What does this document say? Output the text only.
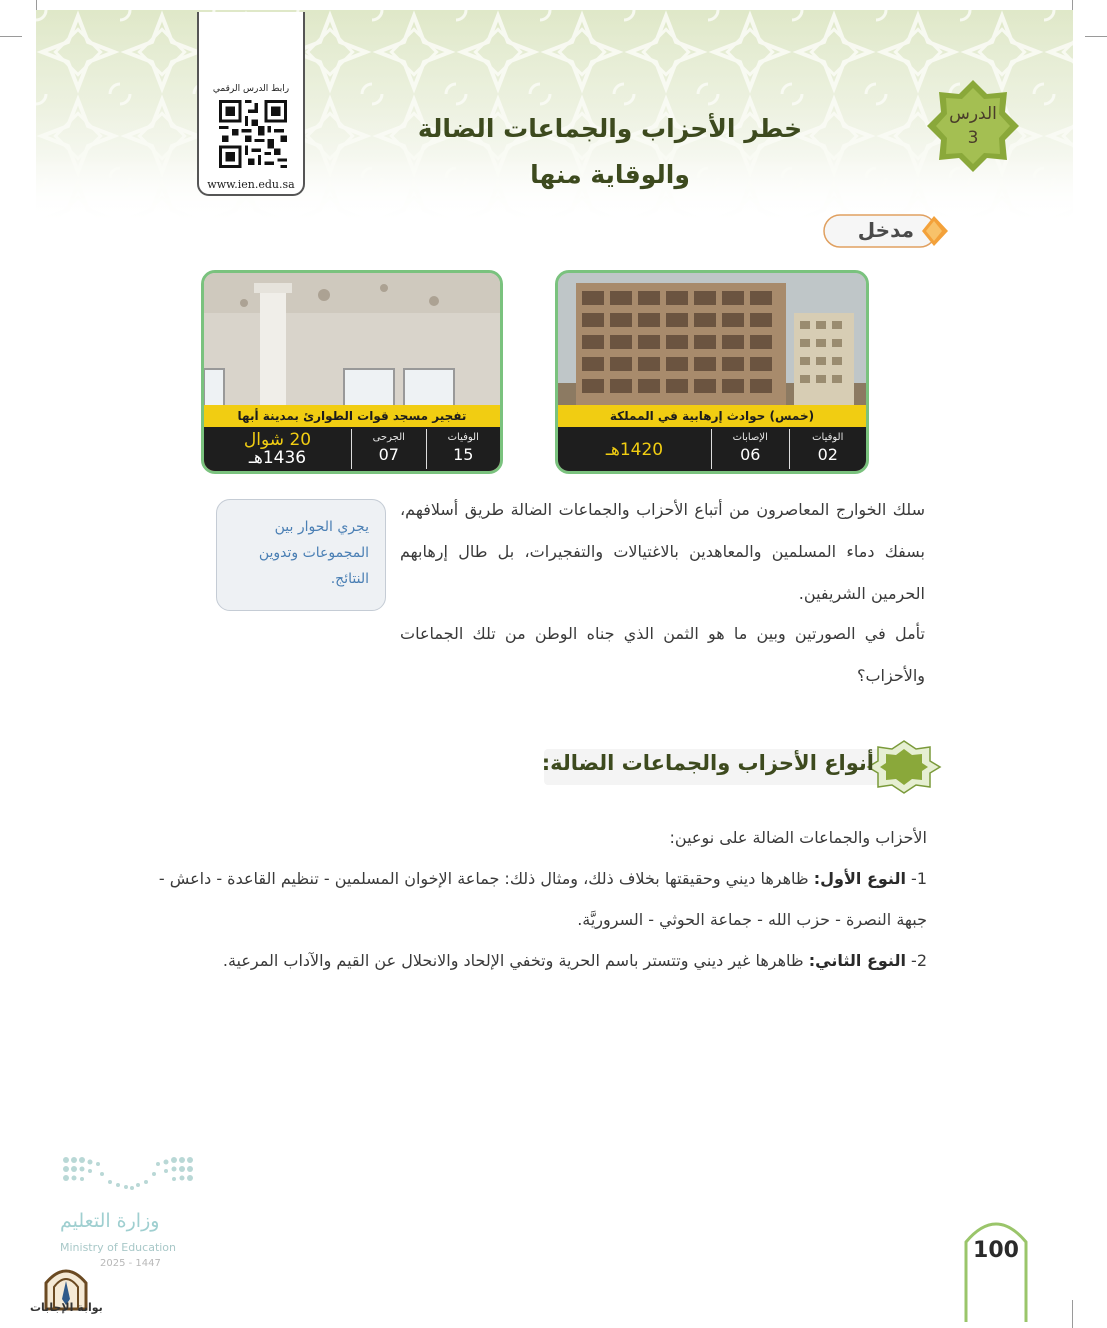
رابط الدرس الرقمي
www.ien.edu.sa
الدرس
3
خطر الأحزاب والجماعات الضالة
والوقاية منها
مدخل
(خمس) حوادث إرهابية في المملكة
الوفيات
02
الإصابات
06
1420هـ
تفجير مسجد قوات الطوارئ بمدينة أبها
الوفيات
15
الجرحى
07
20 شوال
1436هـ
يجري الحوار بين المجموعات وتدوين النتائج.
سلك الخوارج المعاصرون من أتباع الأحزاب والجماعات الضالة طريق أسلافهم، بسفك دماء المسلمين والمعاهدين بالاغتيالات والتفجيرات، بل طال إرهابهم الحرمين الشريفين.
تأمل في الصورتين وبين ما هو الثمن الذي جناه الوطن من تلك الجماعات والأحزاب؟
أنواع الأحزاب والجماعات الضالة:
الأحزاب والجماعات الضالة على نوعين:
1- النوع الأول: ظاهرها ديني وحقيقتها بخلاف ذلك، ومثال ذلك: جماعة الإخوان المسلمين - تنظيم القاعدة - داعش - جبهة النصرة - حزب الله - جماعة الحوثي - السروريَّة.
2- النوع الثاني: ظاهرها غير ديني وتتستر باسم الحرية وتخفي الإلحاد والانحلال عن القيم والآداب المرعية.
وزارة التعليم
Ministry of Education
2025 - 1447
بوابة الإجابات
100
